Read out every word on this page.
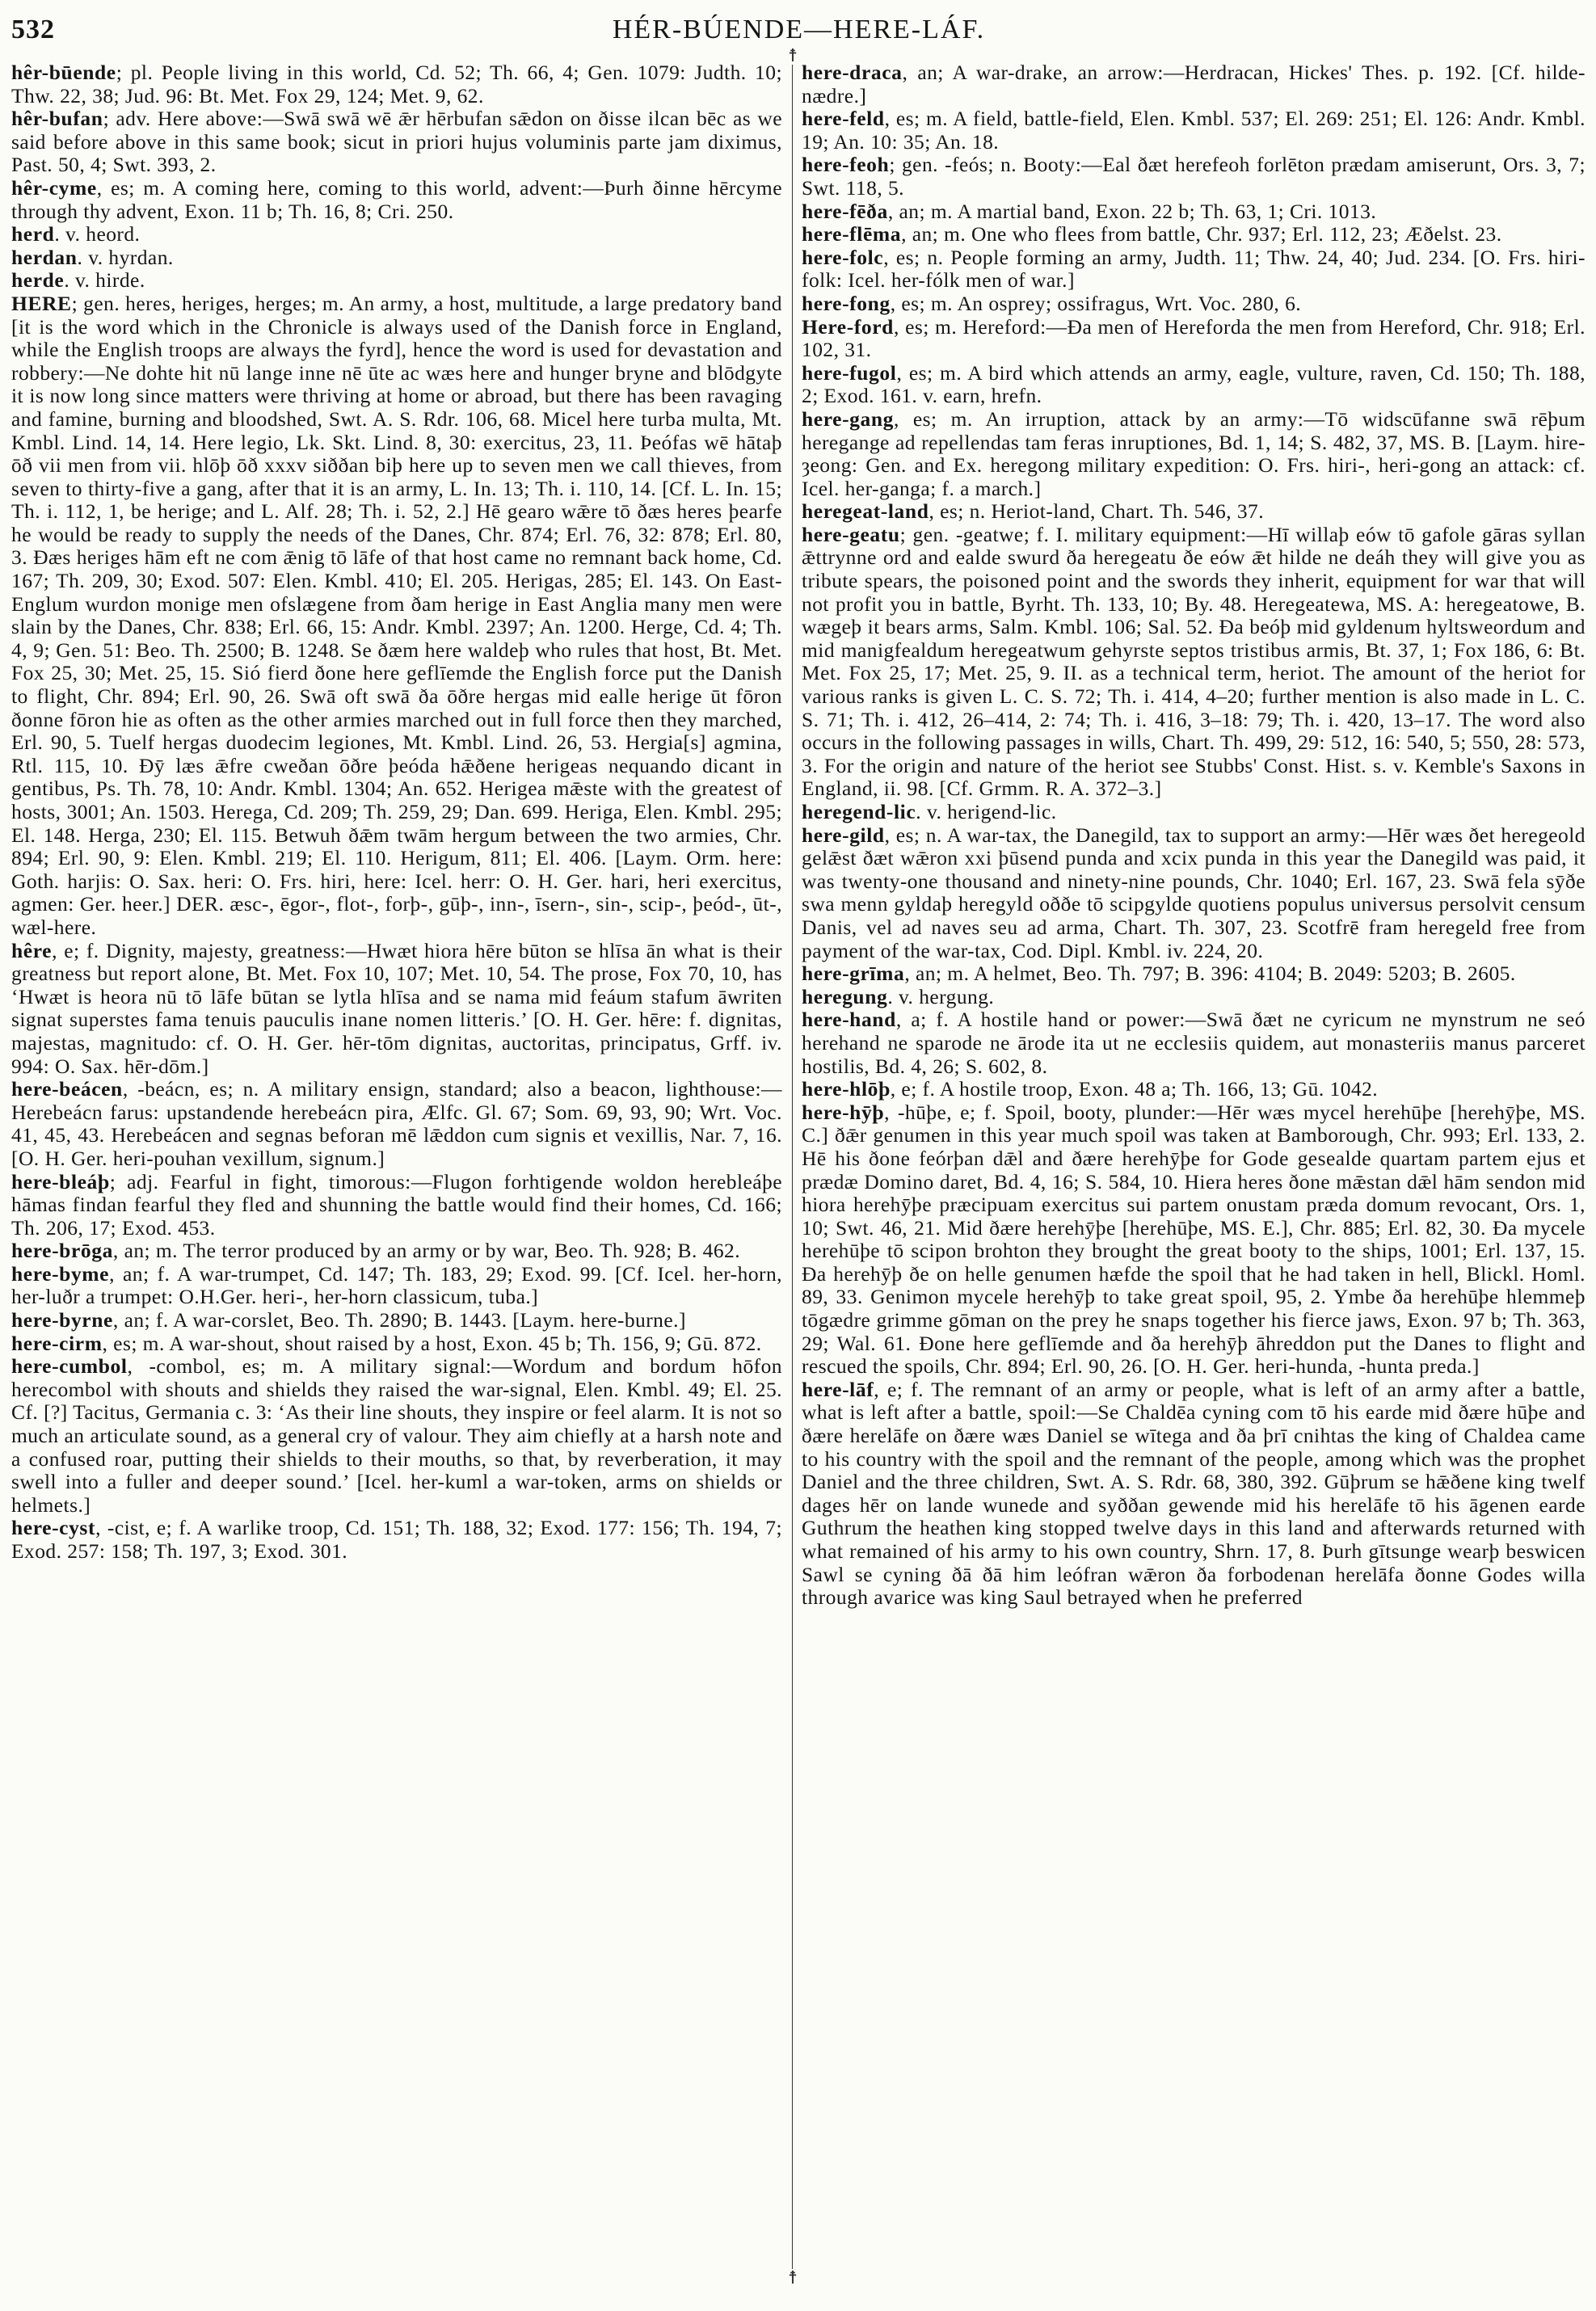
532	HÉR-BÚENDE—HERE-LÁF.
☨
☨

hêr-būende; pl. People living in this world, Cd. 52; Th. 66, 4; Gen. 1079: Judth. 10; Thw. 22, 38; Jud. 96: Bt. Met. Fox 29, 124; Met. 9, 62.

hêr-bufan; adv. Here above:—Swā swā wē ǣr hērbufan sǣdon on ðisse ilcan bēc as we said before above in this same book; sicut in priori hujus voluminis parte jam diximus, Past. 50, 4; Swt. 393, 2.

hêr-cyme, es; m. A coming here, coming to this world, advent:—Þurh ðinne hērcyme through thy advent, Exon. 11 b; Th. 16, 8; Cri. 250.

herd. v. heord.

herdan. v. hyrdan.

herde. v. hirde.

HERE; gen. heres, heriges, herges; m. An army, a host, multitude, a large predatory band [it is the word which in the Chronicle is always used of the Danish force in England, while the English troops are always the fyrd], hence the word is used for devastation and robbery:—Ne dohte hit nū lange inne nē ūte ac wæs here and hunger bryne and blōdgyte it is now long since matters were thriving at home or abroad, but there has been ravaging and famine, burning and bloodshed, Swt. A. S. Rdr. 106, 68. Micel here turba multa, Mt. Kmbl. Lind. 14, 14. Here legio, Lk. Skt. Lind. 8, 30: exercitus, 23, 11. Þeófas wē hātaþ ōð vii men from vii. hlōþ ōð xxxv siððan biþ here up to seven men we call thieves, from seven to thirty-five a gang, after that it is an army, L. In. 13; Th. i. 110, 14. [Cf. L. In. 15; Th. i. 112, 1, be herige; and L. Alf. 28; Th. i. 52, 2.] Hē gearo wǣre tō ðæs heres þearfe he would be ready to supply the needs of the Danes, Chr. 874; Erl. 76, 32: 878; Erl. 80, 3. Ðæs heriges hām eft ne com ǣnig tō lāfe of that host came no remnant back home, Cd. 167; Th. 209, 30; Exod. 507: Elen. Kmbl. 410; El. 205. Herigas, 285; El. 143. On East-Englum wurdon monige men ofslægene from ðam herige in East Anglia many men were slain by the Danes, Chr. 838; Erl. 66, 15: Andr. Kmbl. 2397; An. 1200. Herge, Cd. 4; Th. 4, 9; Gen. 51: Beo. Th. 2500; B. 1248. Se ðæm here waldeþ who rules that host, Bt. Met. Fox 25, 30; Met. 25, 15. Sió fierd ðone here geflīemde the English force put the Danish to flight, Chr. 894; Erl. 90, 26. Swā oft swā ða ōðre hergas mid ealle herige ūt fōron ðonne fōron hie as often as the other armies marched out in full force then they marched, Erl. 90, 5. Tuelf hergas duodecim legiones, Mt. Kmbl. Lind. 26, 53. Hergia[s] agmina, Rtl. 115, 10. Ðȳ læs ǣfre cweðan ōðre þeóda hǣðene herigeas nequando dicant in gentibus, Ps. Th. 78, 10: Andr. Kmbl. 1304; An. 652. Herigea mǣste with the greatest of hosts, 3001; An. 1503. Herega, Cd. 209; Th. 259, 29; Dan. 699. Heriga, Elen. Kmbl. 295; El. 148. Herga, 230; El. 115. Betwuh ðǣm twām hergum between the two armies, Chr. 894; Erl. 90, 9: Elen. Kmbl. 219; El. 110. Herigum, 811; El. 406. [Laym. Orm. here: Goth. harjis: O. Sax. heri: O. Frs. hiri, here: Icel. herr: O. H. Ger. hari, heri exercitus, agmen: Ger. heer.] DER. æsc-, ēgor-, flot-, forþ-, gūþ-, inn-, īsern-, sin-, scip-, þeód-, ūt-, wæl-here.

hêre, e; f. Dignity, majesty, greatness:—Hwæt hiora hēre būton se hlīsa ān what is their greatness but report alone, Bt. Met. Fox 10, 107; Met. 10, 54. The prose, Fox 70, 10, has ‘Hwæt is heora nū tō lāfe būtan se lytla hlīsa and se nama mid feáum stafum āwriten signat superstes fama tenuis pauculis inane nomen litteris.’ [O. H. Ger. hēre: f. dignitas, majestas, magnitudo: cf. O. H. Ger. hēr-tōm dignitas, auctoritas, principatus, Grff. iv. 994: O. Sax. hēr-dōm.]

here-beácen, -beácn, es; n. A military ensign, standard; also a beacon, lighthouse:—Herebeácn farus: upstandende herebeácn pira, Ælfc. Gl. 67; Som. 69, 93, 90; Wrt. Voc. 41, 45, 43. Herebeácen and segnas beforan mē lǣddon cum signis et vexillis, Nar. 7, 16. [O. H. Ger. heri-pouhan vexillum, signum.]

here-bleáþ; adj. Fearful in fight, timorous:—Flugon forhtigende woldon herebleáþe hāmas findan fearful they fled and shunning the battle would find their homes, Cd. 166; Th. 206, 17; Exod. 453.

here-brōga, an; m. The terror produced by an army or by war, Beo. Th. 928; B. 462.

here-byme, an; f. A war-trumpet, Cd. 147; Th. 183, 29; Exod. 99. [Cf. Icel. her-horn, her-luðr a trumpet: O.H.Ger. heri-, her-horn classicum, tuba.]

here-byrne, an; f. A war-corslet, Beo. Th. 2890; B. 1443. [Laym. here-burne.]

here-cirm, es; m. A war-shout, shout raised by a host, Exon. 45 b; Th. 156, 9; Gū. 872.

here-cumbol, -combol, es; m. A military signal:—Wordum and bordum hōfon herecombol with shouts and shields they raised the war-signal, Elen. Kmbl. 49; El. 25. Cf. [?] Tacitus, Germania c. 3: ‘As their line shouts, they inspire or feel alarm. It is not so much an articulate sound, as a general cry of valour. They aim chiefly at a harsh note and a confused roar, putting their shields to their mouths, so that, by reverberation, it may swell into a fuller and deeper sound.’ [Icel. her-kuml a war-token, arms on shields or helmets.]

here-cyst, -cist, e; f. A warlike troop, Cd. 151; Th. 188, 32; Exod. 177: 156; Th. 194, 7; Exod. 257: 158; Th. 197, 3; Exod. 301.

here-draca, an; A war-drake, an arrow:—Herdracan, Hickes' Thes. p. 192. [Cf. hilde-nædre.]

here-feld, es; m. A field, battle-field, Elen. Kmbl. 537; El. 269: 251; El. 126: Andr. Kmbl. 19; An. 10: 35; An. 18.

here-feoh; gen. -feós; n. Booty:—Eal ðæt herefeoh forlēton prædam amiserunt, Ors. 3, 7; Swt. 118, 5.

here-fēða, an; m. A martial band, Exon. 22 b; Th. 63, 1; Cri. 1013.

here-flēma, an; m. One who flees from battle, Chr. 937; Erl. 112, 23; Æðelst. 23.

here-folc, es; n. People forming an army, Judth. 11; Thw. 24, 40; Jud. 234. [O. Frs. hiri-folk: Icel. her-fólk men of war.]

here-fong, es; m. An osprey; ossifragus, Wrt. Voc. 280, 6.

Here-ford, es; m. Hereford:—Ða men of Hereforda the men from Hereford, Chr. 918; Erl. 102, 31.

here-fugol, es; m. A bird which attends an army, eagle, vulture, raven, Cd. 150; Th. 188, 2; Exod. 161. v. earn, hrefn.

here-gang, es; m. An irruption, attack by an army:—Tō widscūfanne swā rēþum heregange ad repellendas tam feras inruptiones, Bd. 1, 14; S. 482, 37, MS. B. [Laym. hire-ȝeong: Gen. and Ex. heregong military expedition: O. Frs. hiri-, heri-gong an attack: cf. Icel. her-ganga; f. a march.]

heregeat-land, es; n. Heriot-land, Chart. Th. 546, 37.

here-geatu; gen. -geatwe; f. I. military equipment:—Hī willaþ eów tō gafole gāras syllan ǣttrynne ord and ealde swurd ða heregeatu ðe eów ǣt hilde ne deáh they will give you as tribute spears, the poisoned point and the swords they inherit, equipment for war that will not profit you in battle, Byrht. Th. 133, 10; By. 48. Heregeatewa, MS. A: heregeatowe, B. wægeþ it bears arms, Salm. Kmbl. 106; Sal. 52. Ða beóþ mid gyldenum hyltsweordum and mid manigfealdum heregeatwum gehyrste septos tristibus armis, Bt. 37, 1; Fox 186, 6: Bt. Met. Fox 25, 17; Met. 25, 9. II. as a technical term, heriot. The amount of the heriot for various ranks is given L. C. S. 72; Th. i. 414, 4–20; further mention is also made in L. C. S. 71; Th. i. 412, 26–414, 2: 74; Th. i. 416, 3–18: 79; Th. i. 420, 13–17. The word also occurs in the following passages in wills, Chart. Th. 499, 29: 512, 16: 540, 5; 550, 28: 573, 3. For the origin and nature of the heriot see Stubbs' Const. Hist. s. v. Kemble's Saxons in England, ii. 98. [Cf. Grmm. R. A. 372–3.]

heregend-lic. v. herigend-lic.

here-gild, es; n. A war-tax, the Danegild, tax to support an army:—Hēr wæs ðet heregeold gelǣst ðæt wǣron xxi þūsend punda and xcix punda in this year the Danegild was paid, it was twenty-one thousand and ninety-nine pounds, Chr. 1040; Erl. 167, 23. Swā fela sȳðe swa menn gyldaþ heregyld oððe tō scipgylde quotiens populus universus persolvit censum Danis, vel ad naves seu ad arma, Chart. Th. 307, 23. Scotfrē fram heregeld free from payment of the war-tax, Cod. Dipl. Kmbl. iv. 224, 20.

here-grīma, an; m. A helmet, Beo. Th. 797; B. 396: 4104; B. 2049: 5203; B. 2605.

heregung. v. hergung.

here-hand, a; f. A hostile hand or power:—Swā ðæt ne cyricum ne mynstrum ne seó herehand ne sparode ne ārode ita ut ne ecclesiis quidem, aut monasteriis manus parceret hostilis, Bd. 4, 26; S. 602, 8.

here-hlōþ, e; f. A hostile troop, Exon. 48 a; Th. 166, 13; Gū. 1042.

here-hȳþ, -hūþe, e; f. Spoil, booty, plunder:—Hēr wæs mycel herehūþe [herehȳþe, MS. C.] ðǣr genumen in this year much spoil was taken at Bamborough, Chr. 993; Erl. 133, 2. Hē his ðone feórþan dǣl and ðære herehȳþe for Gode gesealde quartam partem ejus et prædæ Domino daret, Bd. 4, 16; S. 584, 10. Hiera heres ðone mǣstan dǣl hām sendon mid hiora herehȳþe præcipuam exercitus sui partem onustam præda domum revocant, Ors. 1, 10; Swt. 46, 21. Mid ðære herehȳþe [herehūþe, MS. E.], Chr. 885; Erl. 82, 30. Ða mycele herehūþe tō scipon brohton they brought the great booty to the ships, 1001; Erl. 137, 15. Ða herehȳþ ðe on helle genumen hæfde the spoil that he had taken in hell, Blickl. Homl. 89, 33. Genimon mycele herehȳþ to take great spoil, 95, 2. Ymbe ða herehūþe hlemmeþ tōgædre grimme gōman on the prey he snaps together his fierce jaws, Exon. 97 b; Th. 363, 29; Wal. 61. Ðone here geflīemde and ða herehȳþ āhreddon put the Danes to flight and rescued the spoils, Chr. 894; Erl. 90, 26. [O. H. Ger. heri-hunda, -hunta preda.]

here-lāf, e; f. The remnant of an army or people, what is left of an army after a battle, what is left after a battle, spoil:—Se Chaldēa cyning com tō his earde mid ðære hūþe and ðære herelāfe on ðære wæs Daniel se wītega and ða þrī cnihtas the king of Chaldea came to his country with the spoil and the remnant of the people, among which was the prophet Daniel and the three children, Swt. A. S. Rdr. 68, 380, 392. Gūþrum se hǣðene king twelf dages hēr on lande wunede and syððan gewende mid his herelāfe tō his āgenen earde Guthrum the heathen king stopped twelve days in this land and afterwards returned with what remained of his army to his own country, Shrn. 17, 8. Þurh gītsunge wearþ beswicen Sawl se cyning ðā ðā him leófran wǣron ða forbodenan herelāfa ðonne Godes willa through avarice was king Saul betrayed when he preferred
